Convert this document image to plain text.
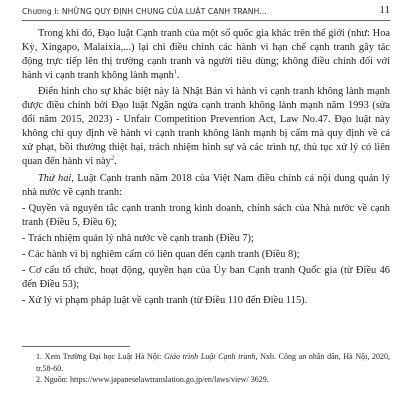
Chương I: NHỮNG QUY ĐỊNH CHUNG CỦA LUẬT CẠNH TRANH...	11

Trong khi đó, Đạo luật Cạnh tranh của một số quốc gia khác trên thế giới (như: Hoa Kỳ, Xingapo, Malaixia,...) lại chỉ điều chỉnh các hành vi hạn chế cạnh tranh gây tác động trực tiếp lên thị trường cạnh tranh và người tiêu dùng; không điều chỉnh đối với hành vi cạnh tranh không lành mạnh$^1$.

Điển hình cho sự khác biệt này là Nhật Bản vì hành vi cạnh tranh không lành mạnh được điều chỉnh bởi Đạo luật Ngăn ngừa cạnh tranh không lành mạnh năm 1993 (sửa đổi năm 2015, 2023) - Unfair Competition Prevention Act, Law No.47. Đạo luật này không chỉ quy định về hành vi cạnh tranh không lành mạnh bị cấm mà quy định về cả xử phạt, bồi thường thiệt hại, trách nhiệm hình sự và các trình tự, thủ tục xử lý có liên quan đến hành vi này$^2$.

Thứ hai, Luật Cạnh tranh năm 2018 của Việt Nam điều chỉnh cả nội dung quản lý nhà nước về cạnh tranh:

- Quyền và nguyên tắc cạnh tranh trong kinh doanh, chính sách của Nhà nước về cạnh tranh (Điều 5, Điều 6);

- Trách nhiệm quản lý nhà nước về cạnh tranh (Điều 7);

- Các hành vi bị nghiêm cấm có liên quan đến cạnh tranh (Điều 8);

- Cơ cấu tổ chức, hoạt động, quyền hạn của Ủy ban Cạnh tranh Quốc gia (từ Điều 46 đến Điều 53);

- Xử lý vi phạm pháp luật về cạnh tranh (từ Điều 110 đến Điều 115).

1. Xem Trường Đại học Luật Hà Nội: Giáo trình Luật Cạnh tranh, Nxb. Công an nhân dân, Hà Nội, 2020, tr.58-60.

2. Nguồn: https://www.japaneselawtranslation.go.jp/en/laws/view/ 3629.
